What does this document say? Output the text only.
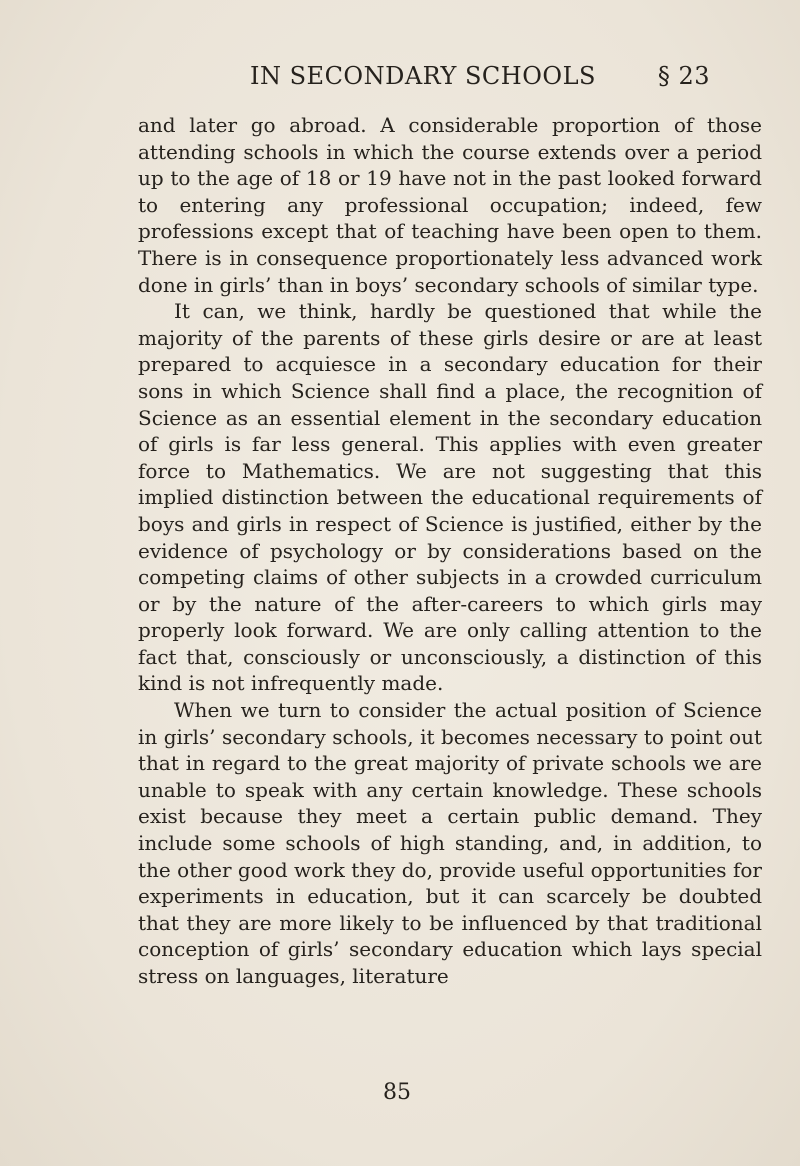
IN SECONDARY SCHOOLS	§ 23

and later go abroad. A considerable proportion of those attending schools in which the course extends over a period up to the age of 18 or 19 have not in the past looked forward to entering any professional occupation; indeed, few professions except that of teaching have been open to them. There is in consequence proportionately less advanced work done in girls’ than in boys’ secondary schools of similar type.

It can, we think, hardly be questioned that while the majority of the parents of these girls desire or are at least prepared to acquiesce in a secondary education for their sons in which Science shall find a place, the recognition of Science as an essential element in the secondary education of girls is far less general. This applies with even greater force to Mathematics. We are not suggesting that this implied distinction between the educational requirements of boys and girls in respect of Science is justified, either by the evidence of psychology or by considerations based on the competing claims of other subjects in a crowded curriculum or by the nature of the after-careers to which girls may properly look forward. We are only calling attention to the fact that, consciously or unconsciously, a distinction of this kind is not infrequently made.

When we turn to consider the actual position of Science in girls’ secondary schools, it becomes necessary to point out that in regard to the great majority of private schools we are unable to speak with any certain knowledge. These schools exist because they meet a certain public demand. They include some schools of high standing, and, in addition, to the other good work they do, provide useful opportunities for experiments in education, but it can scarcely be doubted that they are more likely to be influenced by that traditional conception of girls’ secondary education which lays special stress on languages, literature

85
